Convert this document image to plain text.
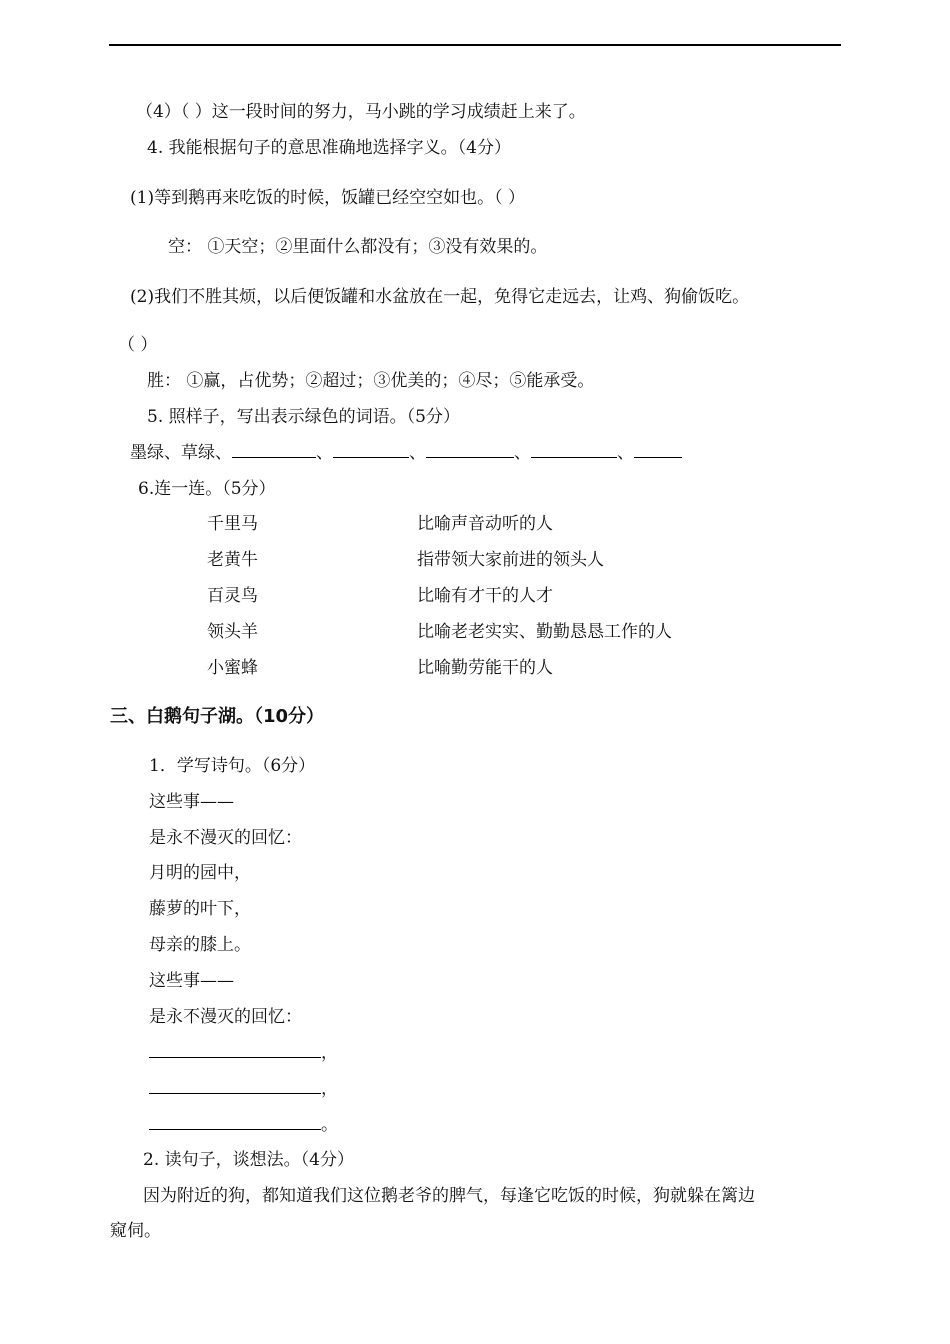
（4）（ ）这一段时间的努力，马小跳的学习成绩赶上来了。
4. 我能根据句子的意思准确地选择字义。（4分）
(1)等到鹅再来吃饭的时候，饭罐已经空空如也。（ ）
空： ①天空；②里面什么都没有；③没有效果的。
(2)我们不胜其烦，以后便饭罐和水盆放在一起，免得它走远去，让鸡、狗偷饭吃。
（ ）
胜： ①赢，占优势；②超过；③优美的；④尽；⑤能承受。
5. 照样子，写出表示绿色的词语。（5分）
墨绿、草绿、	、	、	、	、
6.连一连。（5分）
千里马	比喻声音动听的人
老黄牛	指带领大家前进的领头人
百灵鸟	比喻有才干的人才
领头羊	比喻老老实实、勤勤恳恳工作的人
小蜜蜂	比喻勤劳能干的人
三、白鹅句子湖。（10分）
1．学写诗句。（6分）
这些事——
是永不漫灭的回忆：
月明的园中，
藤萝的叶下，
母亲的膝上。
这些事——
是永不漫灭的回忆：
，
，
。
2. 读句子，谈想法。（4分）
因为附近的狗，都知道我们这位鹅老爷的脾气，每逢它吃饭的时候，狗就躲在篱边
窥伺。
